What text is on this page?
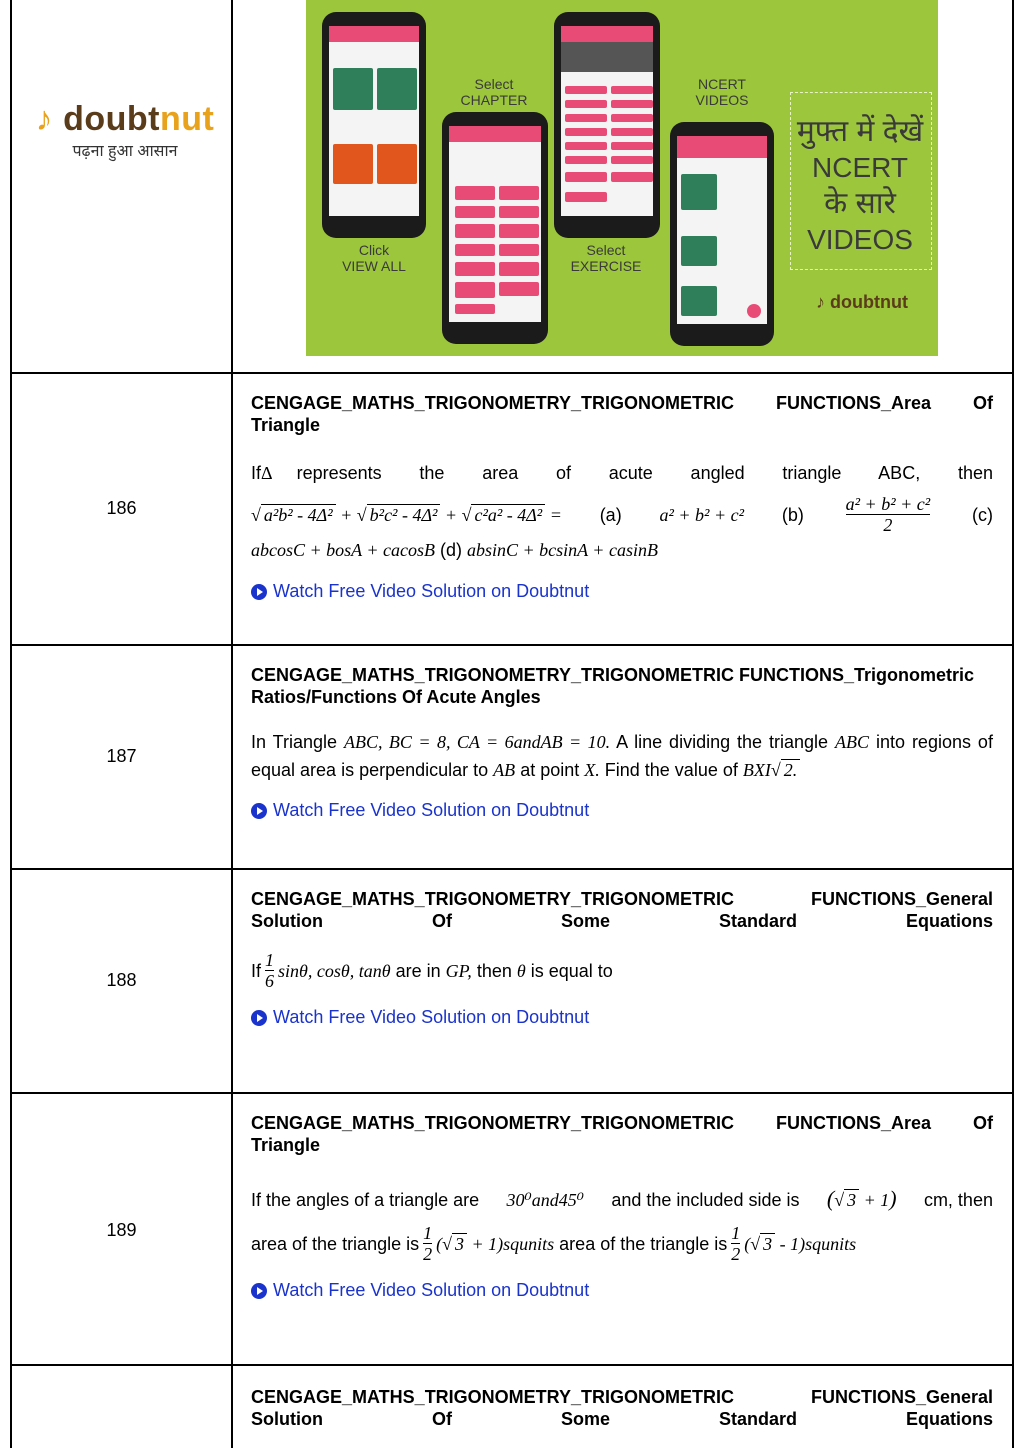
♪ doubtnut
पढ़ना हुआ आसान
Select
CHAPTER
NCERT
VIDEOS
Click
VIEW ALL
Select
EXERCISE
मुफ्त में देखें
NCERT
के सारे
VIDEOS
♪ doubtnut
186
CENGAGE_MATHS_TRIGONOMETRY_TRIGONOMETRIC FUNCTIONS_Area Of Triangle
If Δ represents the area of acute angled triangle ABC, then
√ a²b² - 4Δ² + √ b²c² - 4Δ² + √ c²a² - 4Δ² = (a) a² + b² + c² $(b) \frac{\text{a² + b² + c²}}{2} (c)$
abcosC + bosA + cacosB (d) absinC + bcsinA + casinB
Watch Free Video Solution on Doubtnut
187
CENGAGE_MATHS_TRIGONOMETRY_TRIGONOMETRIC FUNCTIONS_Trigonometric Ratios/Functions Of Acute Angles
In Triangle ABC, BC = 8, CA = 6andAB = 10. A line dividing the triangle ABC into regions of equal area is perpendicular to AB at point X. Find the value of BXI√ 2.
Watch Free Video Solution on Doubtnut
188
CENGAGE_MATHS_TRIGONOMETRY_TRIGONOMETRIC FUNCTIONS_General Solution Of Some Standard Equations
If $\frac{1}{6} \sin\theta$, cosθ, tanθ
are in
GP,
then
θ
is equal to
Watch Free Video Solution on Doubtnut
189
CENGAGE_MATHS_TRIGONOMETRY_TRIGONOMETRIC FUNCTIONS_Area Of Triangle
If the angles of a triangle are 30⁰and45⁰ and the included side is (√ 3 + 1) cm, then
area of the triangle is $\frac{1}{2}$ (√ 3 + 1)squnits
area of the triangle is $\frac{1}{2}$ (√ 3 - 1)squnits
Watch Free Video Solution on Doubtnut
CENGAGE_MATHS_TRIGONOMETRY_TRIGONOMETRIC FUNCTIONS_General Solution Of Some Standard Equations
